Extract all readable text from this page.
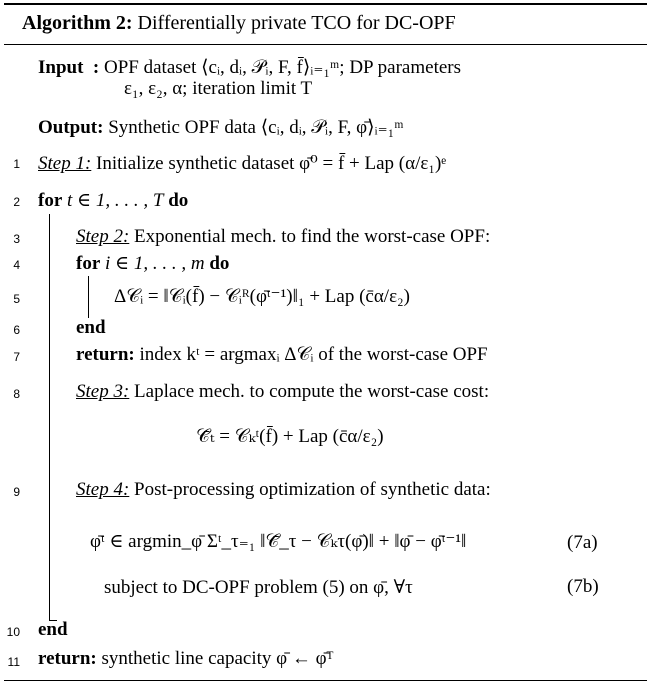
Algorithm 2: Differentially private TCO for DC-OPF
Input  : OPF dataset ⟨cᵢ, dᵢ, 𝒫ᵢ, F, f̄⟩ᵢ₌₁ᵐ; DP parameters
ε₁, ε₂, α; iteration limit T
Output: Synthetic OPF data ⟨cᵢ, dᵢ, 𝒫ᵢ, F, φ̄⟩ᵢ₌₁ᵐ
1 Step 1: Initialize synthetic dataset φ̄⁰ = f̄ + Lap (α/ε₁)ᵉ
2 for t ∈ 1, . . . , T do
3	Step 2: Exponential mech. to find the worst-case OPF:
4	for i ∈ 1, . . . , m do
5	Δ𝒞ᵢ = ‖𝒞ᵢ(f̄) − 𝒞ᵢᴿ(φ̄ᵗ⁻¹)‖₁ + Lap (c̄α/ε₂)
6	end
7	return: index kᵗ = argmaxᵢ Δ𝒞ᵢ of the worst-case OPF
8	Step 3: Laplace mech. to compute the worst-case cost:
𝒞̄ₜ = 𝒞ₖᵗ(f̄) + Lap (c̄α/ε₂)
9	Step 4: Post-processing optimization of synthetic data:
φ̄ᵗ ∈ argmin_φ̄ Σᵗ_τ₌₁ ‖𝒞̄_τ − 𝒞ₖτ(φ̄)‖ + ‖φ̄ − φ̄ᵗ⁻¹‖	(7a)
subject to DC-OPF problem (5) on φ̄, ∀τ	(7b)
10 end
11 return: synthetic line capacity φ̄ ← φ̄ᵀ
